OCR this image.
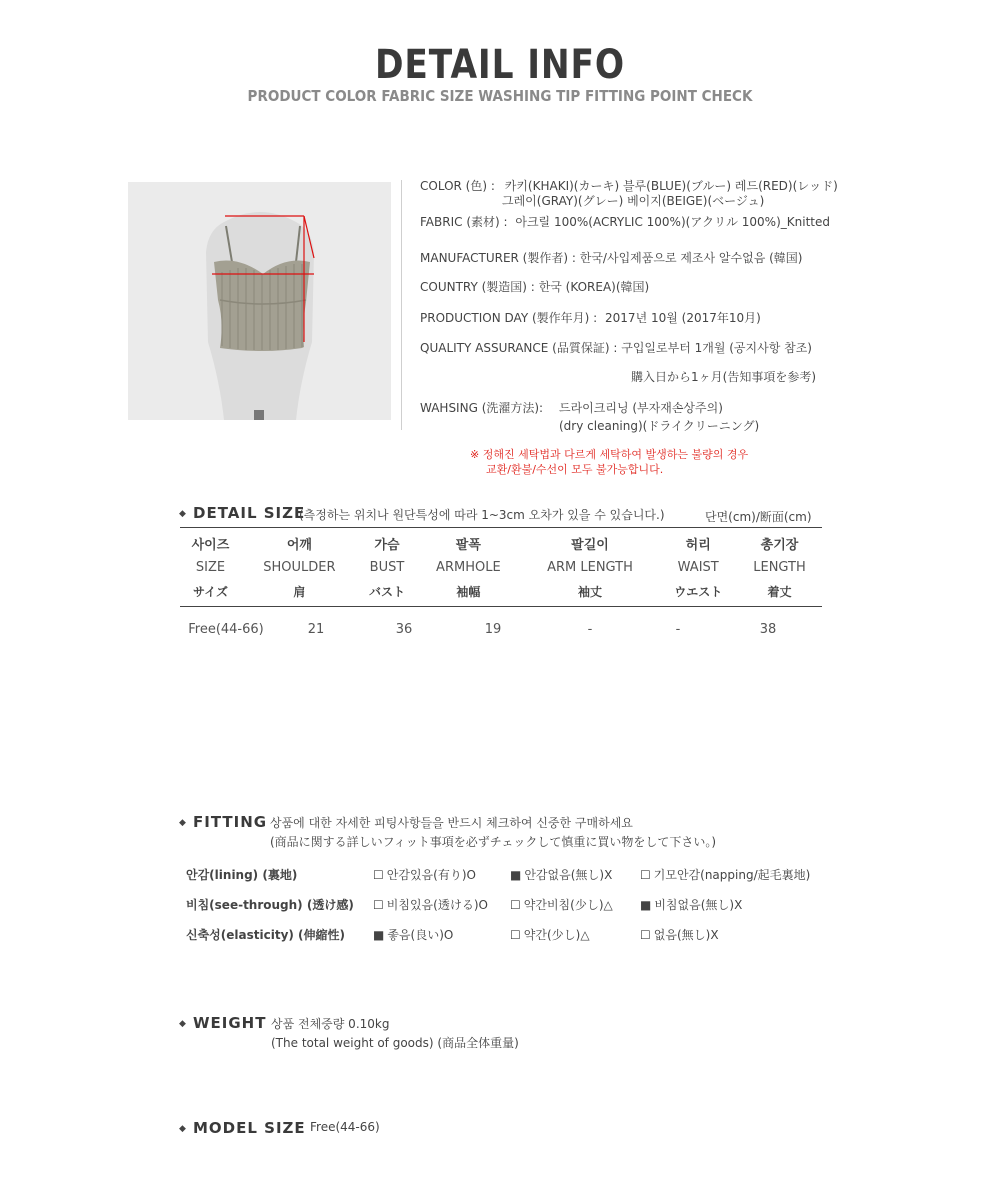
DETAIL INFO
PRODUCT COLOR FABRIC SIZE WASHING TIP FITTING POINT CHECK
COLOR (色) : 카키(KHAKI)(カーキ) 블루(BLUE)(ブルー) 레드(RED)(レッド)
그레이(GRAY)(グレー) 베이지(BEIGE)(ベージュ)
FABRIC (素材) : 아크릴 100%(ACRYLIC 100%)(アクリル 100%)_Knitted
MANUFACTURER (製作者) : 한국/사입제품으로 제조사 알수없음 (韓国)
COUNTRY (製造国) : 한국 (KOREA)(韓国)
PRODUCTION DAY (製作年月) : 2017년 10월 (2017年10月)
QUALITY ASSURANCE (品質保証) : 구입일로부터 1개월 (공지사항 참조)
購入日から1ヶ月(告知事項を参考)
WAHSING (洗濯方法): 드라이크리닝 (부자재손상주의)
(dry cleaning)(ドライクリーニング)
※ 정해진 세탁법과 다르게 세탁하여 발생하는 불량의 경우
교환/환불/수선이 모두 불가능합니다.
◆ DETAIL SIZE
(측정하는 위치나 원단특성에 따라 1~3cm 오차가 있을 수 있습니다.)	단면(cm)/断面(cm)
사이즈	어깨	가슴	팔폭	팔길이	허리	총기장
SIZE	SHOULDER	BUST	ARMHOLE	ARM LENGTH	WAIST	LENGTH
サイズ	肩	バスト	袖幅	袖丈	ウエスト	着丈
Free(44-66)	21	36	19	-	-	38
◆ FITTING 상품에 대한 자세한 피팅사항들을 반드시 체크하여 신중한 구매하세요
(商品に関する詳しいフィット事項を必ずチェックして慎重に買い物をして下さい。)
안감(lining) (裏地)	☐ 안감있음(有り)O	■ 안감없음(無し)X ☐ 기모안감(napping/起毛裏地)
비침(see-through) (透け感) ☐ 비침있음(透ける)O ☐ 약간비침(少し)△ ■ 비침없음(無し)X
신축성(elasticity) (伸縮性) ■ 좋음(良い)O	☐ 약간(少し)△	☐ 없음(無し)X
◆ WEIGHT 상품 전체중량 0.10kg
(The total weight of goods) (商品全体重量)
◆ MODEL SIZE Free(44-66)
